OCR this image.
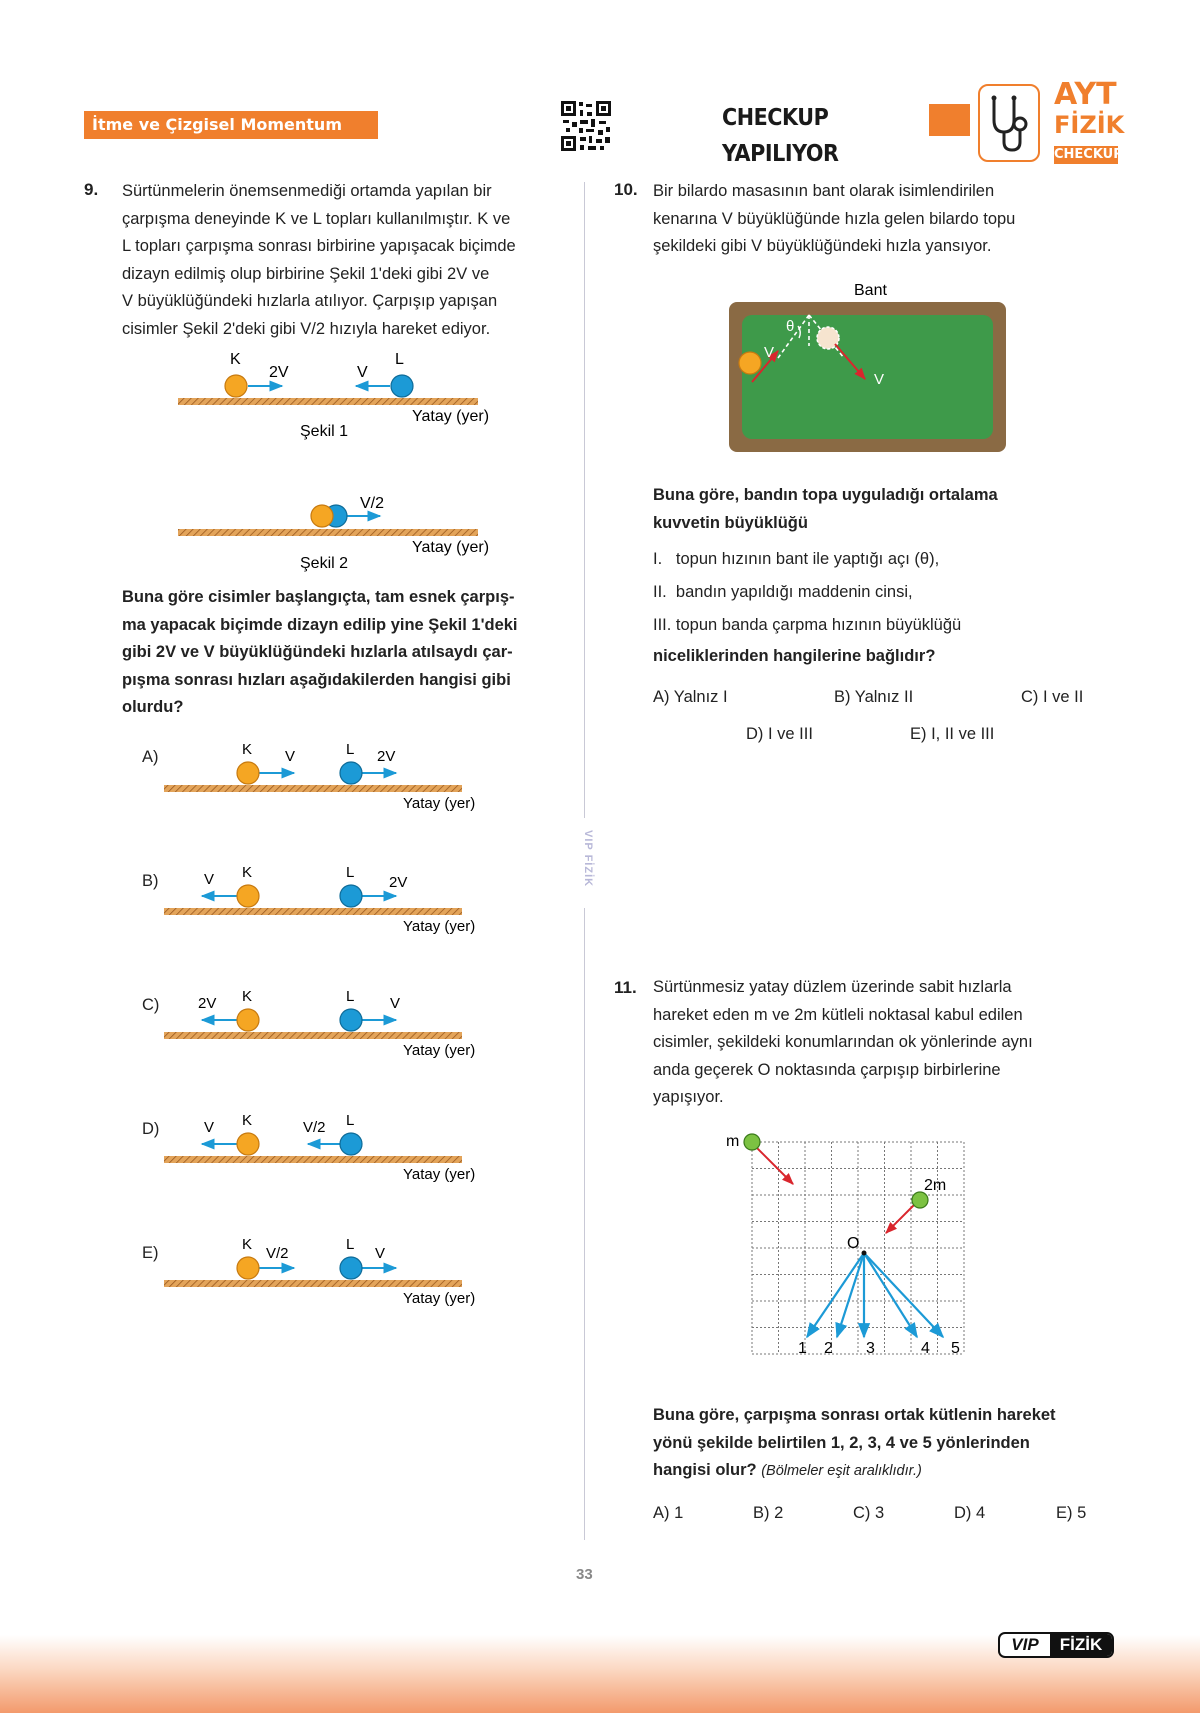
İtme ve Çizgisel Momentum	CHECKUP YAPILIYOR
AYT
FİZİK
CHECKUP
VIP FİZİK
9. Sürtünmelerin önemsenmediği ortamda yapılan bir
çarpışma deneyinde K ve L topları kullanılmıştır. K ve
L topları çarpışma sonrası birbirine yapışacak biçimde
dizayn edilmiş olup birbirine Şekil 1'deki gibi 2V ve
V büyüklüğündeki hızlarla atılıyor. Çarpışıp yapışan
cisimler Şekil 2'deki gibi V/2 hızıyla hareket ediyor.
K
2V	V
L
Yatay (yer)
Şekil 1
V/2
Yatay (yer)
Şekil 2
Buna göre cisimler başlangıçta, tam esnek çarpış-
ma yapacak biçimde dizayn edilip yine Şekil 1'deki
gibi 2V ve V büyüklüğündeki hızlarla atılsaydı çar-
pışma sonrası hızları aşağıdakilerden hangisi gibi
olurdu?
A)	K V	L 2V
Yatay (yer)
B)	V K	L
2V
Yatay (yer)
C)	2V K	L V
Yatay (yer)
D)	V K	V/2 L
Yatay (yer)
E)	K
V/2
L
V
Yatay (yer)
10. Bir bilardo masasının bant olarak isimlendirilen
kenarına V büyüklüğünde hızla gelen bilardo topu
şekildeki gibi V büyüklüğündeki hızla yansıyor.
Bant
θ
V
V
Buna göre, bandın topa uyguladığı ortalama
kuvvetin büyüklüğü
I.   topun hızının bant ile yaptığı açı (θ),
II.  bandın yapıldığı maddenin cinsi,
III. topun banda çarpma hızının büyüklüğü
niceliklerinden hangilerine bağlıdır?
A) Yalnız I	B) Yalnız II	C) I ve II
D) I ve III	E) I, II ve III
11. Sürtünmesiz yatay düzlem üzerinde sabit hızlarla
hareket eden m ve 2m kütleli noktasal kabul edilen
cisimler, şekildeki konumlarından ok yönlerinde aynı
anda geçerek O noktasında çarpışıp birbirlerine
yapışıyor.
O
m
2m
1 2 3	4 5
Buna göre, çarpışma sonrası ortak kütlenin hareket
yönü şekilde belirtilen 1, 2, 3, 4 ve 5 yönlerinden
hangisi olur? (Bölmeler eşit aralıklıdır.)
A) 1	B) 2	C) 3	D) 4	E) 5
33
VIP	FİZİK
